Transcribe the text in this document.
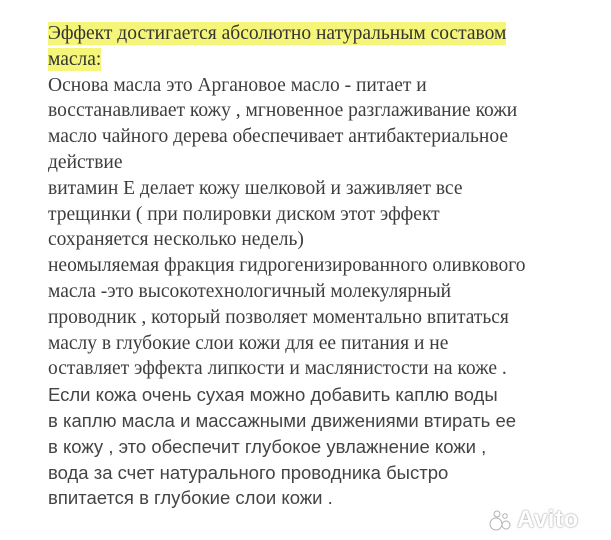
Эффект достигается абсолютно натуральным составом
масла:
Основа масла это Аргановое масло - питает и
восстанавливает кожу , мгновенное разглаживание кожи
масло чайного дерева обеспечивает антибактериальное
действие
витамин Е делает кожу шелковой и заживляет все
трещинки ( при полировки диском этот эффект
сохраняется несколько недель)
неомыляемая фракция гидрогенизированного оливкового
масла -это высокотехнологичный молекулярный
проводник , который позволяет моментально впитаться
маслу в глубокие слои кожи для ее питания и не
оставляет эффекта липкости и маслянистости на коже .
Если кожа очень сухая можно добавить каплю воды
в каплю масла и массажными движениями втирать ее
в кожу , это обеспечит глубокое увлажнение кожи ,
вода за счет натурального проводника быстро
впитается в глубокие слои кожи .
Avito
